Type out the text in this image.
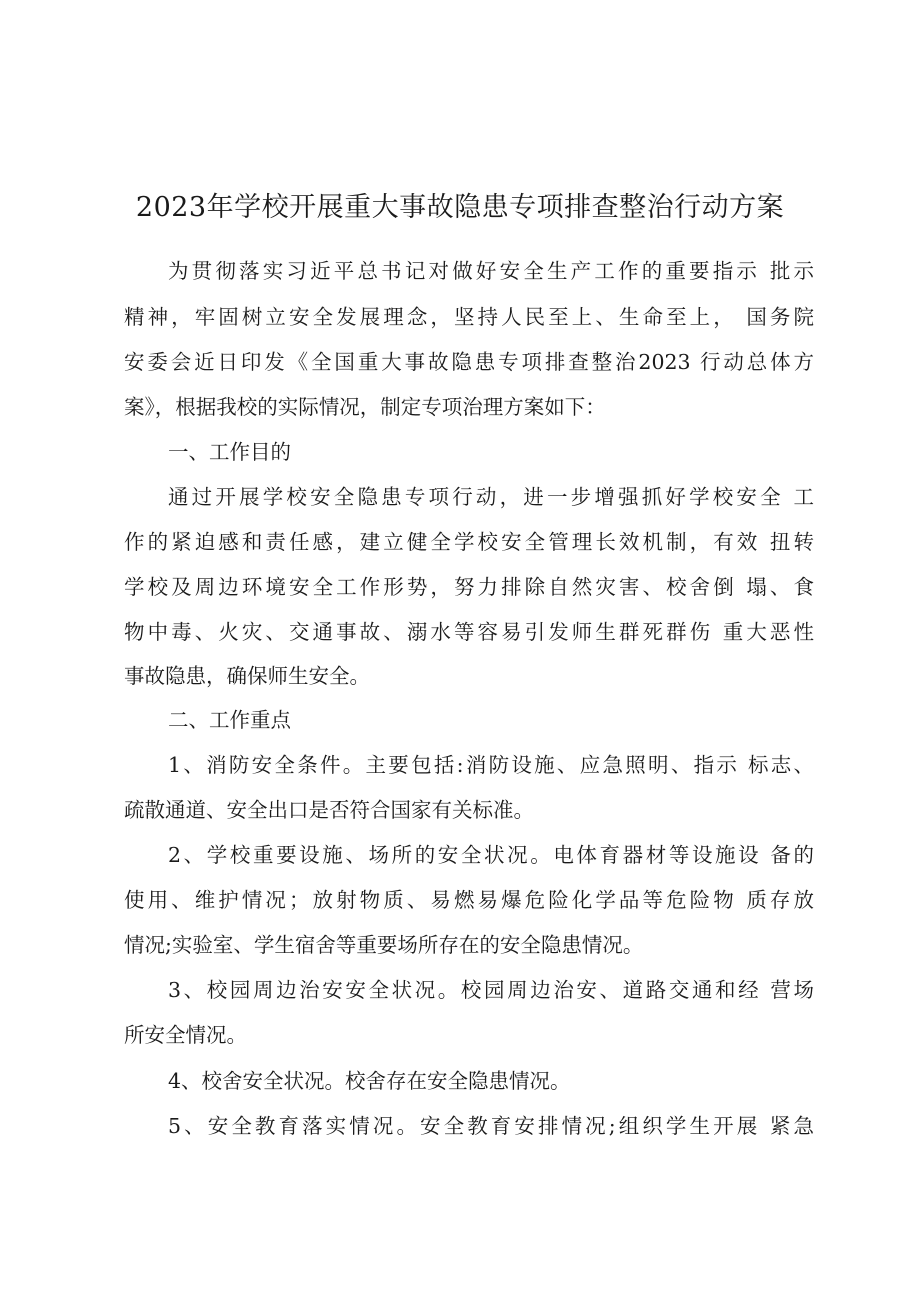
2023年学校开展重大事故隐患专项排查整治行动方案
为贯彻落实习近平总书记对做好安全生产工作的重要指示 批示
精神，牢固树立安全发展理念，坚持人民至上、生命至上， 国务院
安委会近日印发《全国重大事故隐患专项排查整治2023 行动总体方
案》，根据我校的实际情况，制定专项治理方案如下：
一、工作目的
通过开展学校安全隐患专项行动，进一步增强抓好学校安全 工
作的紧迫感和责任感，建立健全学校安全管理长效机制，有效 扭转
学校及周边环境安全工作形势，努力排除自然灾害、校舍倒 塌、食
物中毒、火灾、交通事故、溺水等容易引发师生群死群伤 重大恶性
事故隐患，确保师生安全。
二、工作重点
1、消防安全条件。主要包括:消防设施、应急照明、指示 标志、
疏散通道、安全出口是否符合国家有关标准。
2、学校重要设施、场所的安全状况。电体育器材等设施设 备的
使用、维护情况；放射物质、易燃易爆危险化学品等危险物 质存放
情况;实验室、学生宿舍等重要场所存在的安全隐患情况。
3、校园周边治安安全状况。校园周边治安、道路交通和经 营场
所安全情况。
4、校舍安全状况。校舍存在安全隐患情况。
5、安全教育落实情况。安全教育安排情况;组织学生开展 紧急
